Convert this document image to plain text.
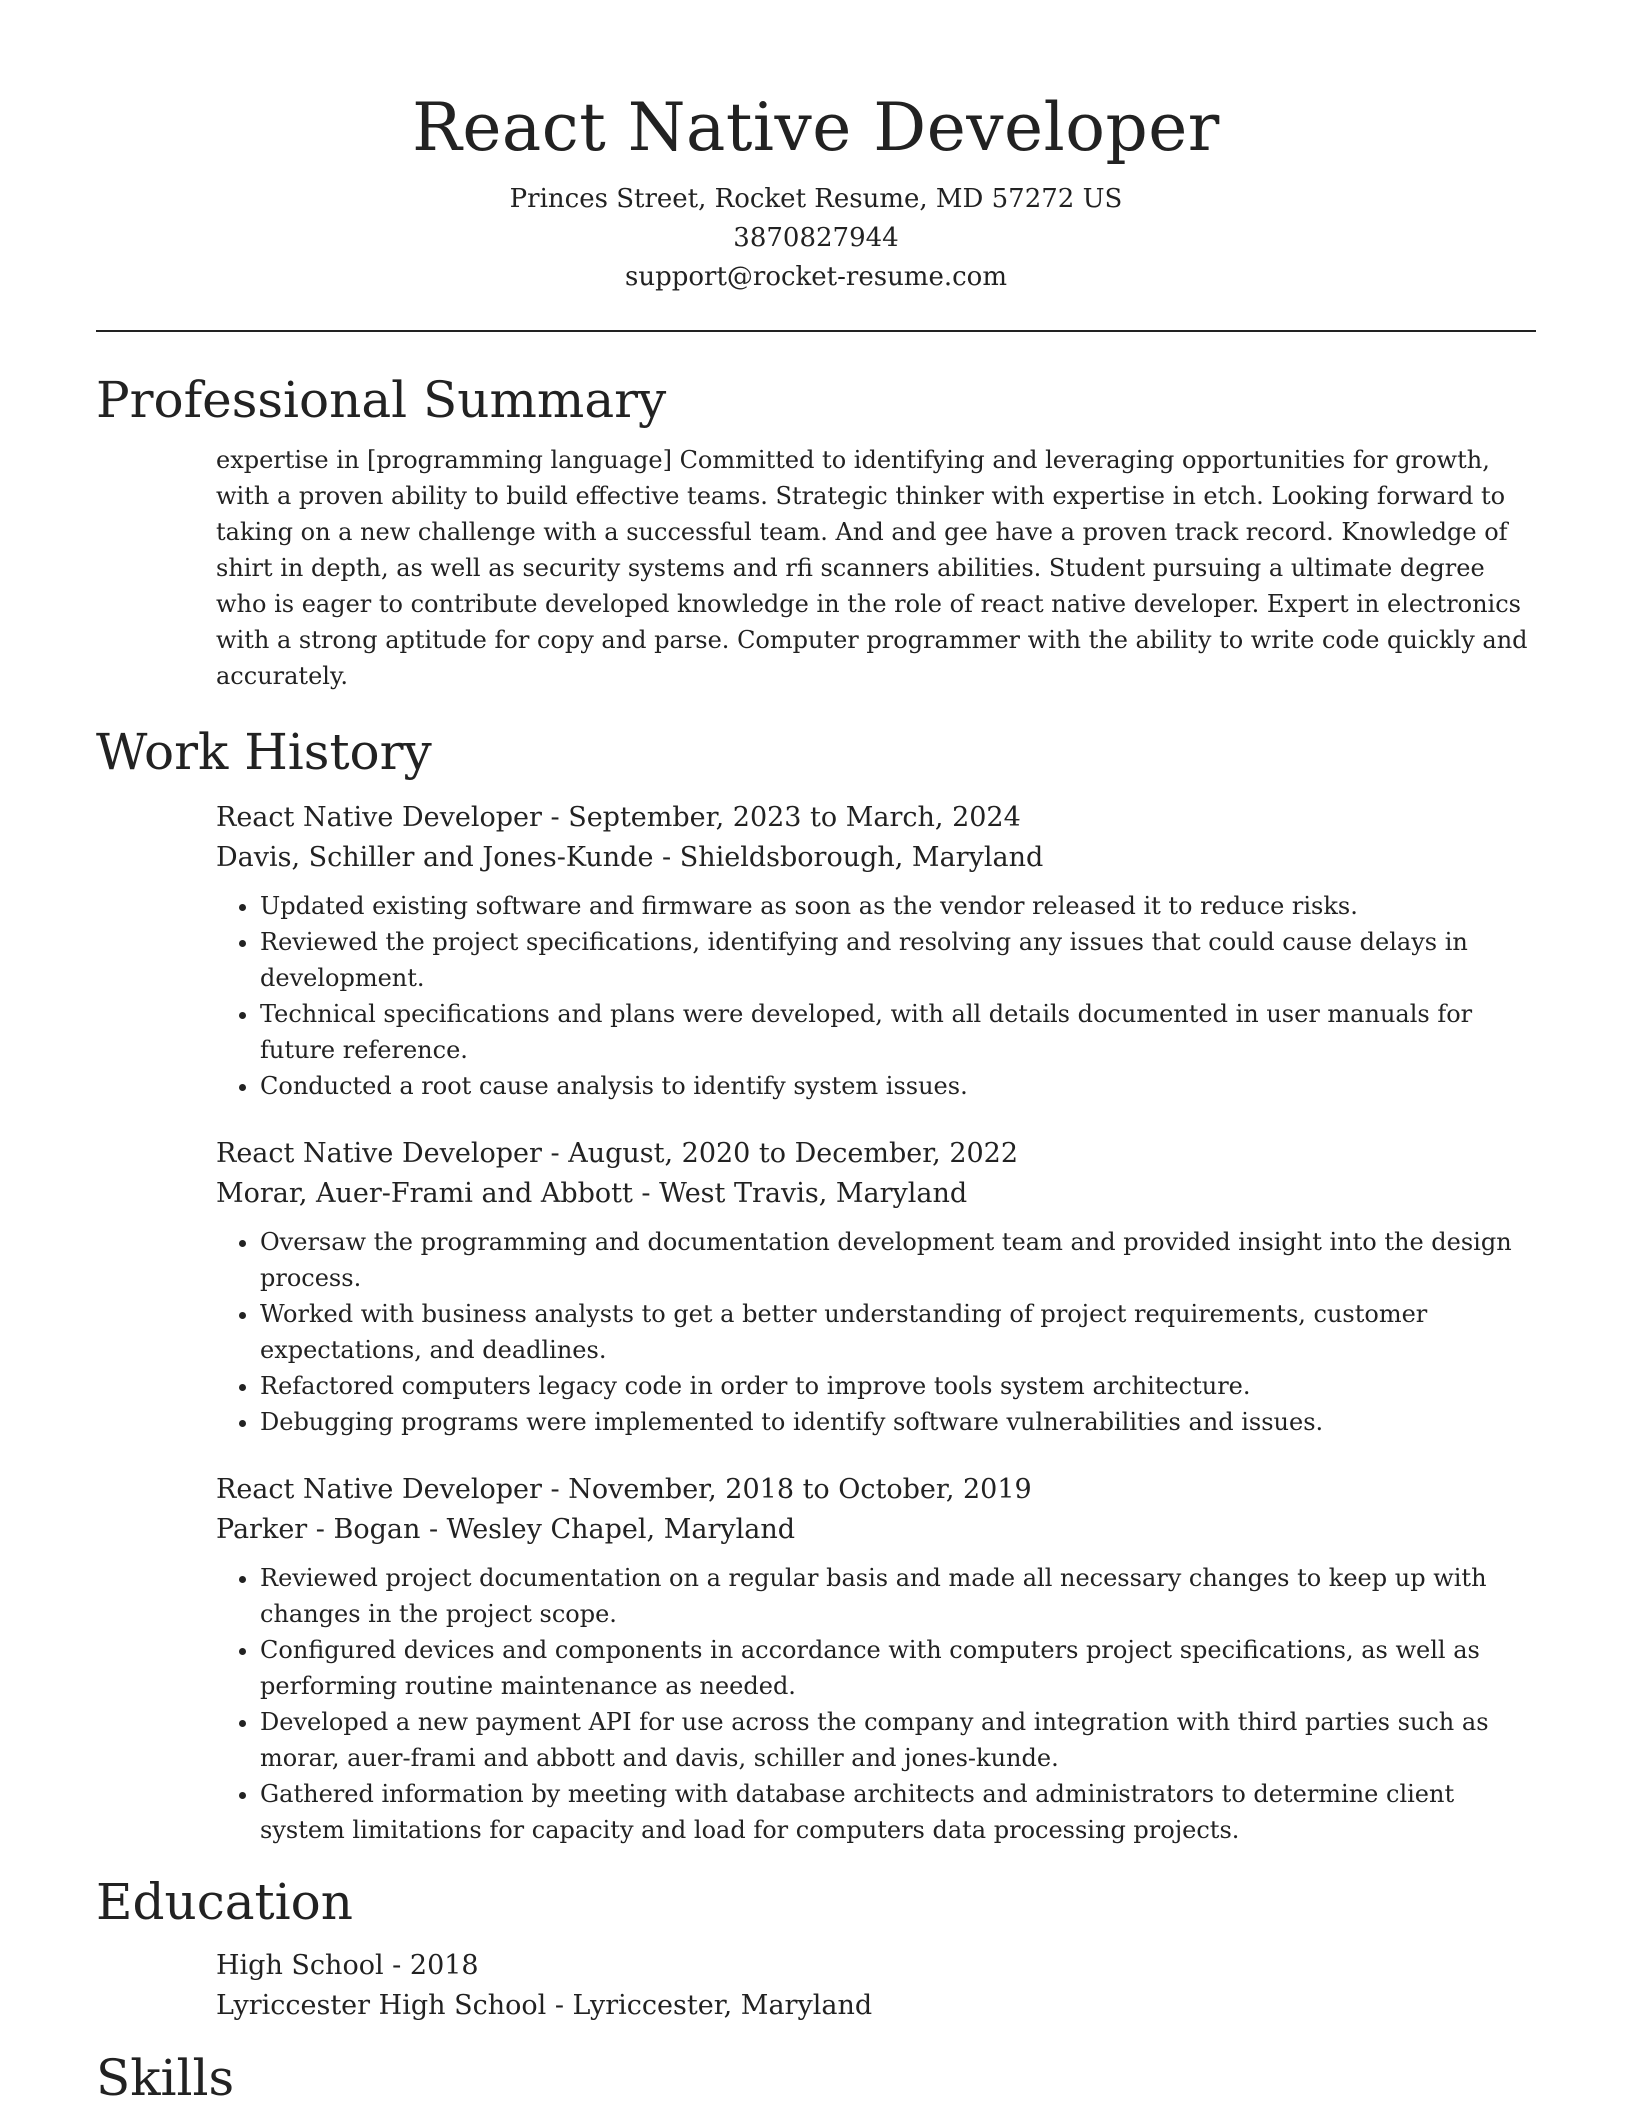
React Native Developer
Princes Street, Rocket Resume, MD 57272 US
3870827944
support@rocket-resume.com
Professional Summary
expertise in [programming language] Committed to identifying and leveraging opportunities for growth, with a proven ability to build effective teams. Strategic thinker with expertise in etch. Looking forward to taking on a new challenge with a successful team. And and gee have a proven track record. Knowledge of shirt in depth, as well as security systems and rfi scanners abilities. Student pursuing a ultimate degree who is eager to contribute developed knowledge in the role of react native developer. Expert in electronics with a strong aptitude for copy and parse. Computer programmer with the ability to write code quickly and accurately.
Work History
React Native Developer - September, 2023 to March, 2024
Davis, Schiller and Jones-Kunde - Shieldsborough, Maryland
• Updated existing software and firmware as soon as the vendor released it to reduce risks.
• Reviewed the project specifications, identifying and resolving any issues that could cause delays in development.
• Technical specifications and plans were developed, with all details documented in user manuals for future reference.
• Conducted a root cause analysis to identify system issues.
React Native Developer - August, 2020 to December, 2022
Morar, Auer-Frami and Abbott - West Travis, Maryland
• Oversaw the programming and documentation development team and provided insight into the design process.
• Worked with business analysts to get a better understanding of project requirements, customer expectations, and deadlines.
• Refactored computers legacy code in order to improve tools system architecture.
• Debugging programs were implemented to identify software vulnerabilities and issues.
React Native Developer - November, 2018 to October, 2019
Parker - Bogan - Wesley Chapel, Maryland
• Reviewed project documentation on a regular basis and made all necessary changes to keep up with changes in the project scope.
• Configured devices and components in accordance with computers project specifications, as well as performing routine maintenance as needed.
• Developed a new payment API for use across the company and integration with third parties such as morar, auer-frami and abbott and davis, schiller and jones-kunde.
• Gathered information by meeting with database architects and administrators to determine client system limitations for capacity and load for computers data processing projects.
Education
High School - 2018
Lyriccester High School - Lyriccester, Maryland
Skills
